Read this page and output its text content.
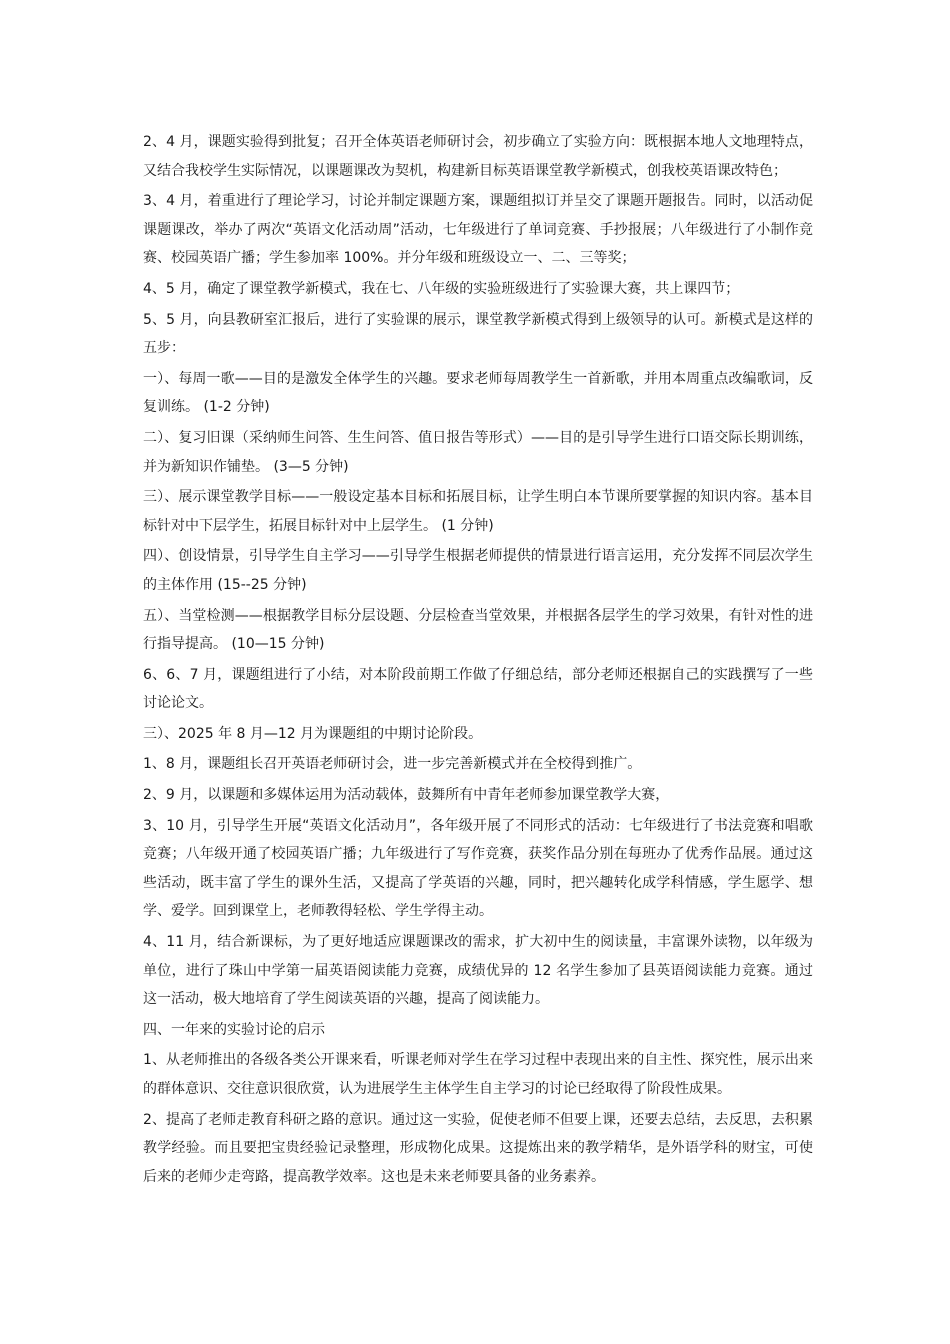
2、4 月，课题实验得到批复；召开全体英语老师研讨会，初步确立了实验方向：既根据本地人文地理特点，又结合我校学生实际情况，以课题课改为契机，构建新目标英语课堂教学新模式，创我校英语课改特色；

3、4 月，着重进行了理论学习，讨论并制定课题方案，课题组拟订并呈交了课题开题报告。同时，以活动促课题课改，举办了两次“英语文化活动周”活动，七年级进行了单词竞赛、手抄报展；八年级进行了小制作竞赛、校园英语广播；学生参加率 100%。并分年级和班级设立一、二、三等奖；

4、5 月，确定了课堂教学新模式，我在七、八年级的实验班级进行了实验课大赛，共上课四节；

5、5 月，向县教研室汇报后，进行了实验课的展示，课堂教学新模式得到上级领导的认可。新模式是这样的五步：

一）、每周一歌——目的是激发全体学生的兴趣。要求老师每周教学生一首新歌，并用本周重点改编歌词，反复训练。 (1-2 分钟)

二）、复习旧课（采纳师生问答、生生问答、值日报告等形式）——目的是引导学生进行口语交际长期训练，并为新知识作铺垫。 (3—5 分钟)

三）、展示课堂教学目标——一般设定基本目标和拓展目标，让学生明白本节课所要掌握的知识内容。基本目标针对中下层学生，拓展目标针对中上层学生。 (1 分钟)

四）、创设情景，引导学生自主学习——引导学生根据老师提供的情景进行语言运用，充分发挥不同层次学生的主体作用 (15--25 分钟)

五）、当堂检测——根据教学目标分层设题、分层检查当堂效果，并根据各层学生的学习效果，有针对性的进行指导提高。 (10—15 分钟)

6、6、7 月，课题组进行了小结，对本阶段前期工作做了仔细总结，部分老师还根据自己的实践撰写了一些讨论论文。

三）、2025 年 8 月—12 月为课题组的中期讨论阶段。

1、8 月，课题组长召开英语老师研讨会，进一步完善新模式并在全校得到推广。

2、9 月，以课题和多媒体运用为活动载体，鼓舞所有中青年老师参加课堂教学大赛，

3、10 月，引导学生开展“英语文化活动月”，各年级开展了不同形式的活动：七年级进行了书法竞赛和唱歌竞赛；八年级开通了校园英语广播；九年级进行了写作竞赛，获奖作品分别在每班办了优秀作品展。通过这些活动，既丰富了学生的课外生活，又提高了学英语的兴趣，同时，把兴趣转化成学科情感，学生愿学、想学、爱学。回到课堂上，老师教得轻松、学生学得主动。

4、11 月，结合新课标，为了更好地适应课题课改的需求，扩大初中生的阅读量，丰富课外读物，以年级为单位，进行了珠山中学第一届英语阅读能力竞赛，成绩优异的 12 名学生参加了县英语阅读能力竞赛。通过这一活动，极大地培育了学生阅读英语的兴趣，提高了阅读能力。

四、一年来的实验讨论的启示

1、从老师推出的各级各类公开课来看，听课老师对学生在学习过程中表现出来的自主性、探究性，展示出来的群体意识、交往意识很欣赏，认为进展学生主体学生自主学习的讨论已经取得了阶段性成果。

2、提高了老师走教育科研之路的意识。通过这一实验，促使老师不但要上课，还要去总结，去反思，去积累教学经验。而且要把宝贵经验记录整理，形成物化成果。这提炼出来的教学精华，是外语学科的财宝，可使后来的老师少走弯路，提高教学效率。这也是未来老师要具备的业务素养。
